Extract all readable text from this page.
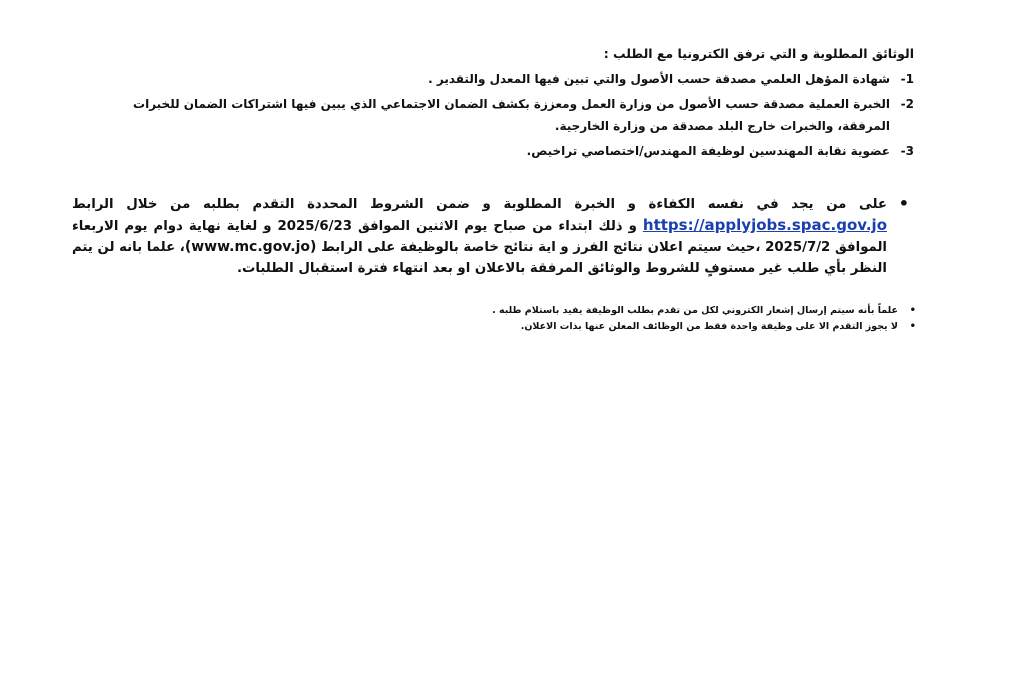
الوثائق المطلوبة و التي ترفق الكترونيا مع الطلب :
1-
شهادة المؤهل العلمي مصدقة حسب الأصول والتي تبين فيها المعدل والتقدير .
2-
الخبرة العملية مصدقة حسب الأصول من وزارة العمل ومعززة بكشف الضمان الاجتماعي الذي يبين فيها اشتراكات الضمان للخبرات المرفقة، والخبرات خارج البلد مصدقة من وزارة الخارجية.
3-
عضوية نقابة المهندسين لوظيفة المهندس/اختصاصي تراخيص.
•
على من يجد في نفسه الكفاءة و الخبرة المطلوبة و ضمن الشروط المحددة التقدم بطلبه من خلال الرابط https://applyjobs.spac.gov.jo و ذلك ابتداء من صباح يوم الاثنين الموافق 2025/6/23 و لغاية نهاية دوام يوم الاربعاء الموافق 2025/7/2 ،حيث سيتم اعلان نتائج الفرز و اية نتائج خاصة بالوظيفة على الرابط (www.mc.gov.jo)، علما بانه لن يتم النظر بأي طلب غير مستوفٍ للشروط والوثائق المرفقة بالاعلان او بعد انتهاء فترة استقبال الطلبات.
•
علماً بأنه سيتم إرسال إشعار الكتروني لكل من تقدم بطلب الوظيفة يفيد باستلام طلبه .
•
لا يجوز التقدم الا على وظيفة واحدة فقط من الوظائف المعلن عنها بذات الاعلان.
